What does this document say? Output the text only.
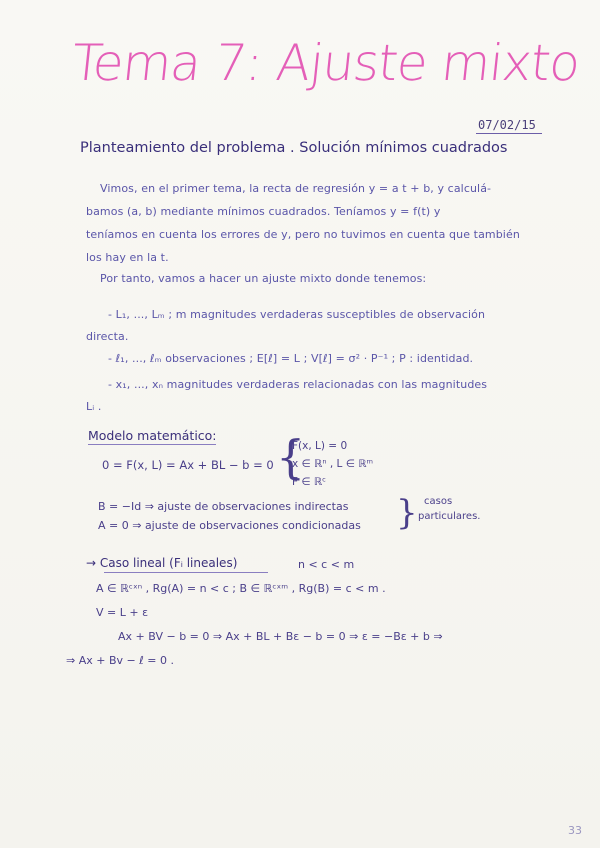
Tema 7: Ajuste mixto
07/02/15
Planteamiento del problema . Solución mínimos cuadrados
Vimos, en el primer tema, la recta de regresión y = a t + b, y calculá-
bamos (a, b) mediante mínimos cuadrados. Teníamos y = f(t) y
teníamos en cuenta los errores de y, pero no tuvimos en cuenta que también
los hay en la t.
Por tanto, vamos a hacer un ajuste mixto donde tenemos:
- L₁, ..., Lₘ ; m magnitudes verdaderas susceptibles de observación
directa.
- ℓ₁, ..., ℓₘ observaciones ; E[ℓ] = L ; V[ℓ] = σ² · P⁻¹ ; P : identidad.
- x₁, ..., xₙ magnitudes verdaderas relacionadas con las magnitudes
Lᵢ .
Modelo matemático:
0 = F(x, L) = Ax + BL − b = 0 {
F(x, L) = 0
x ∈ ℝⁿ , L ∈ ℝᵐ
F ∈ ℝᶜ
B = −Id ⇒ ajuste de observaciones indirectas
A = 0 ⇒ ajuste de observaciones condicionadas } casos
particulares.
→ Caso lineal (Fᵢ lineales)	n < c < m
A ∈ ℝᶜˣⁿ , Rg(A) = n < c ; B ∈ ℝᶜˣᵐ , Rg(B) = c < m .
V = L + ε
Ax + BV − b = 0 ⇒ Ax + BL + Bε − b = 0 ⇒ ε = −Bε + b ⇒
⇒ Ax + Bv − ℓ = 0 .
33
